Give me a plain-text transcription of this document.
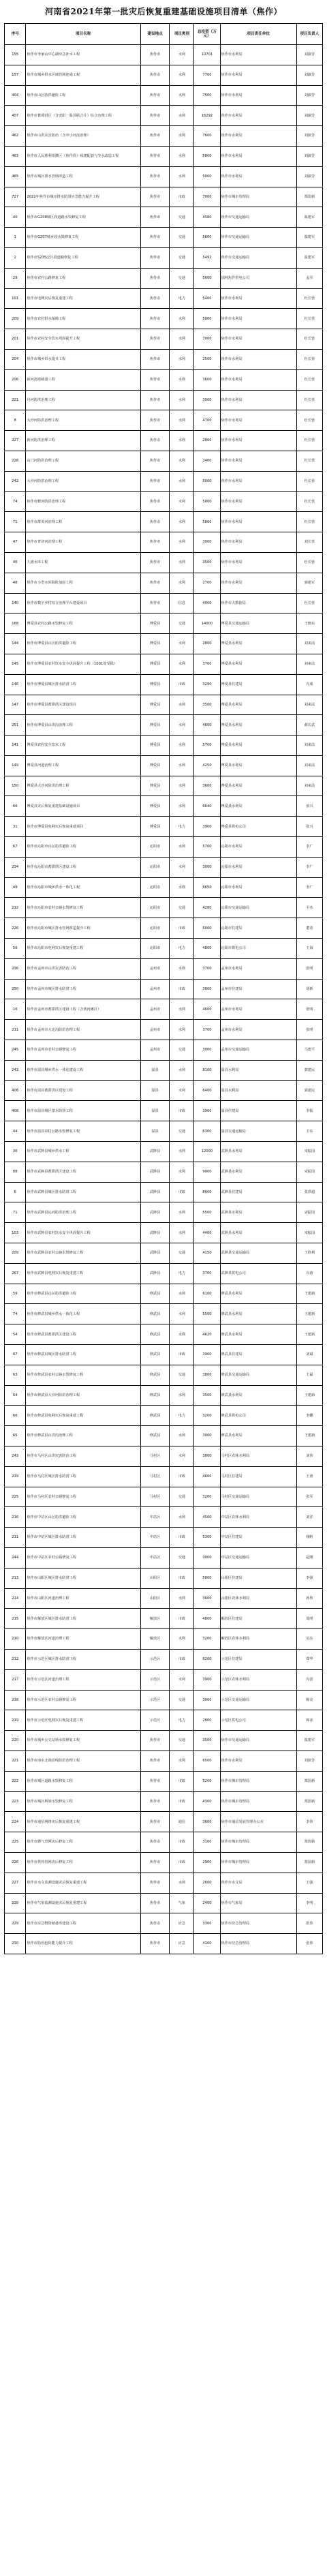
河南省2021年第一批灾后恢复重建基础设施项目清单（焦作）
序号	项目名称	建设地点	项目类别	总投资（万元）	项目责任单位	项目负责人
155	焦作市李家山中心湖应急补水工程	焦作市	水利	10701	焦作市水利局	刘淑芳
157	焦作市城乡供水区域管网连通工程	焦作市	水利	7700	焦作市水利局	刘淑芳
404	焦作市山区防洪避险工程	焦作市	水利	7500	焦作市水利局	刘淑芳
407	焦作市蓄滞洪区（含安阳一温县联合片）综合治理工程	焦作市	水利	16292	焦作市水利局	刘淑芳
462	焦作市山洪灾害防治（含中小河流治理）	焦作市	水利	7600	焦作市水利局	刘淑芳
463	焦作市人民胜利渠灌区（焦作段）续建配套与节水改造工程	焦作市	水利	5800	焦作市水利局	刘淑芳
465	焦作市城区排水管网改造工程	焦作市	水利	5000	焦作市水利局	刘淑芳
727	2021年焦作市城市排水防涝应急能力提升工程	焦作市	市政	7000	焦作市城市管理局	郑国新
40	焦作市G208城区段道路水毁修复工程	焦作市	交通	4580	焦作市交通运输局	温建军
1	焦作市G207城乡段水毁修复工程	焦作市	交通	5600	焦作市交通运输局	温建军
2	焦作市S235泛区段道路修复工程	焦作市	交通	5492	焦作市交通运输局	温建军
29	焦作市农村公路修复工程	焦作市	交通	5600	国网焦作供电公司	孟军
101	焦作市电网灾后恢复重建工程	焦作市	电力	5400	焦作市水利局	杜长营
209	焦作市农村供水保障工程	焦作市	水利	5800	焦作市水利局	杜长营
201	焦作市农村安全饮水巩固提升工程	焦作市	水利	7000	焦作市水利局	杜长营
204	焦作市城乡供水提升工程	焦作市	水利	2500	焦作市水利局	杜长营
206	新河清淤疏浚工程	焦作市	水利	3600	焦作市水利局	杜长营
221	丹河防洪治理工程	焦作市	水利	3000	焦作市水利局	杜长营
8	大沙河防洪治理工程	焦作市	水利	4700	焦作市水利局	杜长营
227	新河防洪治理工程	焦作市	水利	2800	焦作市水利局	杜长营
228	山门河防洪治理工程	焦作市	水利	2400	焦作市水利局	杜长营
242	大沙河防洪治理工程	焦作市	水利	5000	焦作市水利局	杜长营
74	焦作市蟒河防洪治理工程	焦作市	水利	5000	焦作市水利局	杜长营
71	焦作市群英河治理工程	焦作市	水利	5800	焦作市水利局	杜长营
47	焦作市普济河治理工程	焦作市	水利	3000	焦作市水利局	刘长营
46	九渡水库工程	焦作市	水利	3500	焦作市水利局	杜长营
48	焦作市小型水库除险加固工程	焦作市	水利	2700	焦作市水利局	郭建军
140	焦作市数字乡村综合治理平台建设项目	焦作市	信息	4000	焦作市大数据局	杜长营
168	博爱县农村公路水毁修复工程	博爱县	交通	14000	博爱县交通运输局	王晓东
144	焦作市博爱县山区防洪避险工程	博爱县	水利	2800	博爱县水利局	刘来法
145	焦作市博爱县农村饮水安全巩固提升工程（1001处受损）	博爱县	水利	3700	博爱县水利局	刘来法
146	焦作市博爱县城区排水防涝工程	博爱县	市政	3290	博爱县住建局	冯成
147	焦作市博爱县蓄滞洪区建设项目	博爱县	水利	3500	博爱县水利局	刘来法
251	焦作市博爱县山洪沟治理工程	博爱县	水利	4600	博爱县水利局	郝长武
141	博爱县农村安全饮水工程	博爱县	水利	5700	博爱县水利局	刘来法
149	博爱县河道治理工程	博爱县	水利	4250	博爱县水利局	刘来法
150	博爱县大沙河防洪治理工程	博爱县	水利	3600	博爱县水利局	刘来法
66	博爱县灾后恢复重建基础设施项目	博爱县	水利	6640	博爱县水利局	张兴
31	焦作市博爱县电网灾后恢复重建项目	博爱县	电力	3900	博爱县供电公司	张兴
67	焦作市沁阳市山区防洪避险工程	沁阳市	水利	5700	沁阳市水利局	李广
234	焦作市沁阳市蓄滞洪区建设工程	沁阳市	水利	3000	沁阳市水利局	李广
49	焦作市沁阳市城乡供水一体化工程	沁阳市	水利	6650	沁阳市水利局	李广
212	焦作市沁阳市农村公路水毁修复工程	沁阳市	交通	4280	沁阳市交通运输局	卫杰
226	焦作市沁阳市城区排水管网改造提升工程	沁阳市	市政	5000	沁阳市住建局	董春
56	焦作市沁阳市电网灾后恢复重建工程	沁阳市	电力	4800	沁阳市供电公司	王海
236	焦作市孟州市山洪灾害防治工程	孟州市	水利	3700	孟州市水利局	张明
250	焦作市孟州市城区排水防涝工程	孟州市	市政	3800	孟州市住建局	胡新
16	焦作市孟州市蓄滞洪区建设工程（含黄河滩区）	孟州市	水利	4600	孟州市水利局	张明
211	焦作市孟州市大定沟防洪治理工程	孟州市	水利	3700	孟州市水利局	张明
245	焦作市孟州市农村公路修复工程	孟州市	交通	3000	孟州市交通运输局	马建平
243	焦作市温县城乡供水一体化建设工程	温县	水利	8100	温县水利局	郭建民
406	焦作市温县蓄滞洪区建设工程	温县	水利	6400	温县水利局	郭建民
408	焦作市温县城区排水防涝工程	温县	市政	3900	温县住建局	李振
44	焦作市温县农村公路水毁修复工程	温县	交通	6300	温县交通运输局	卫东
36	焦作市武陟县城乡供水工程	武陟县	水利	12000	武陟县水利局	宋振国
88	焦作市武陟县蓄滞洪区建设工程	武陟县	水利	9900	武陟县水利局	宋振国
6	焦作市武陟县城区排水防涝工程	武陟县	市政	8600	武陟县住建局	张洪超
71	焦作市武陟县沁河防洪治理工程	武陟县	水利	5500	武陟县水利局	宋振国
103	焦作市武陟县农村饮水安全巩固提升工程	武陟县	水利	4400	武陟县水利局	宋振国
209	焦作市武陟县农村公路水毁修复工程	武陟县	交通	4150	武陟县交通运输局	王胜利
267	焦作市武陟县电网灾后恢复重建工程	武陟县	电力	3700	武陟县供电公司	冯涛
59	焦作市修武县山区防洪避险工程	修武县	水利	6100	修武县水利局	王建新
74	焦作市修武县城乡供水一体化工程	修武县	水利	5500	修武县水利局	王建新
54	焦作市修武县蓄滞洪区建设工程	修武县	水利	4620	修武县水利局	王建新
87	焦作市修武县城区排水防涝工程	修武县	市政	3900	修武县住建局	刘斌
63	焦作市修武县农村公路水毁修复工程	修武县	交通	3800	修武县交通运输局	王磊
64	焦作市修武县大沙河防洪治理工程	修武县	水利	3500	修武县水利局	王建新
66	焦作市修武县电网灾后恢复重建工程	修武县	电力	3200	修武县供电公司	李鹏
65	焦作市修武县山洪沟治理工程	修武县	水利	3000	修武县水利局	王建新
243	焦作市马村区山洪灾害防治工程	马村区	水利	3800	马村区农林水利局	刘伟
219	焦作市马村区城区排水防涝工程	马村区	市政	4600	马村区住建局	王涛
225	焦作市马村区农村公路修复工程	马村区	交通	3200	马村区交通运输局	张军
216	焦作市中站区山区防洪避险工程	中站区	水利	4500	中站区农林水利局	刘洋
211	焦作市中站区城区排水防涝工程	中站区	市政	5300	中站区住建局	杨帆
244	焦作市中站区农村公路修复工程	中站区	交通	3000	中站区交通运输局	赵刚
213	焦作市山阳区城区排水防涝工程	山阳区	市政	5800	山阳区住建局	李强
214	焦作市山阳区河道治理工程	山阳区	水利	3600	山阳区农林水利局	孙伟
215	焦作市解放区城区排水防涝工程	解放区	市政	4800	解放区住建局	周明
210	焦作市解放区河道治理工程	解放区	水利	3200	解放区农林水利局	吴东
212	焦作市示范区城区排水防涝工程	示范区	市政	6200	示范区住建局	郑华
217	焦作市示范区河道治理工程	示范区	水利	3900	示范区农林水利局	冯雷
218	焦作市示范区农村公路修复工程	示范区	交通	3000	示范区交通运输局	陈亮
219	焦作市示范区电网灾后恢复重建工程	示范区	电力	2800	示范区供电公司	韩冰
220	焦作市城乡公交站场水毁修复工程	焦作市	交通	3500	焦作市交通运输局	温建军
221	焦作市南水北调沿线防洪治理工程	焦作市	水利	6500	焦作市水利局	刘淑芳
222	焦作市城区道路水毁修复工程	焦作市	市政	5200	焦作市城市管理局	郑国新
223	焦作市城区桥梁水毁修复工程	焦作市	市政	4300	焦作市城市管理局	郑国新
224	焦作市通信网络灾后恢复重建工程	焦作市	通信	3600	焦作市通信发展管理办公室	李伟
225	焦作市燃气管网灾后修复工程	焦作市	市政	3100	焦作市城市管理局	郑国新
226	焦作市供热管网灾后修复工程	焦作市	市政	2900	焦作市城市管理局	郑国新
227	焦作市水文监测设施灾后恢复重建工程	焦作市	水利	2600	焦作市水文局	王强
228	焦作市气象监测设施灾后恢复重建工程	焦作市	气象	2400	焦作市气象局	李明
229	焦作市应急物资储备库建设工程	焦作市	应急	3300	焦作市应急管理局	张伟
230	焦作市防汛抢险能力提升工程	焦作市	应急	4100	焦作市应急管理局	张伟
